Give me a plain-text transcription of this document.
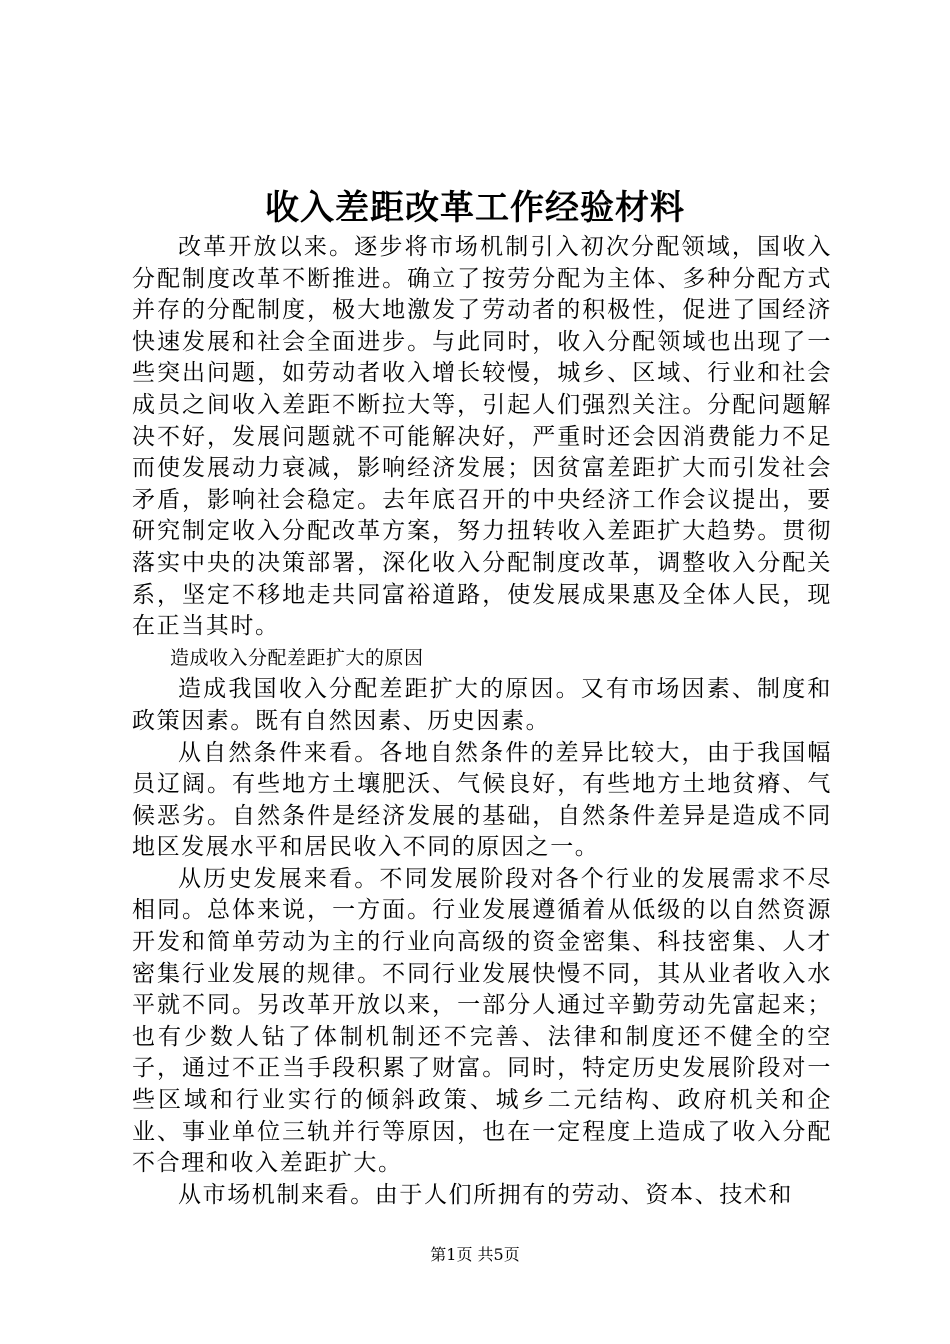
收入差距改革工作经验材料

改革开放以来。逐步将市场机制引入初次分配领域，国收入分配制度改革不断推进。确立了按劳分配为主体、多种分配方式并存的分配制度，极大地激发了劳动者的积极性，促进了国经济快速发展和社会全面进步。与此同时，收入分配领域也出现了一些突出问题，如劳动者收入增长较慢，城乡、区域、行业和社会成员之间收入差距不断拉大等，引起人们强烈关注。分配问题解决不好，发展问题就不可能解决好，严重时还会因消费能力不足而使发展动力衰减，影响经济发展；因贫富差距扩大而引发社会矛盾，影响社会稳定。去年底召开的中央经济工作会议提出，要研究制定收入分配改革方案，努力扭转收入差距扩大趋势。贯彻落实中央的决策部署，深化收入分配制度改革，调整收入分配关系，坚定不移地走共同富裕道路，使发展成果惠及全体人民，现在正当其时。

造成收入分配差距扩大的原因

造成我国收入分配差距扩大的原因。又有市场因素、制度和政策因素。既有自然因素、历史因素。

从自然条件来看。各地自然条件的差异比较大，由于我国幅员辽阔。有些地方土壤肥沃、气候良好，有些地方土地贫瘠、气候恶劣。自然条件是经济发展的基础，自然条件差异是造成不同地区发展水平和居民收入不同的原因之一。

从历史发展来看。不同发展阶段对各个行业的发展需求不尽相同。总体来说，一方面。行业发展遵循着从低级的以自然资源开发和简单劳动为主的行业向高级的资金密集、科技密集、人才密集行业发展的规律。不同行业发展快慢不同，其从业者收入水平就不同。另改革开放以来，一部分人通过辛勤劳动先富起来；也有少数人钻了体制机制还不完善、法律和制度还不健全的空子，通过不正当手段积累了财富。同时，特定历史发展阶段对一些区域和行业实行的倾斜政策、城乡二元结构、政府机关和企业、事业单位三轨并行等原因，也在一定程度上造成了收入分配不合理和收入差距扩大。

从市场机制来看。由于人们所拥有的劳动、资本、技术和

第1页 共5页
